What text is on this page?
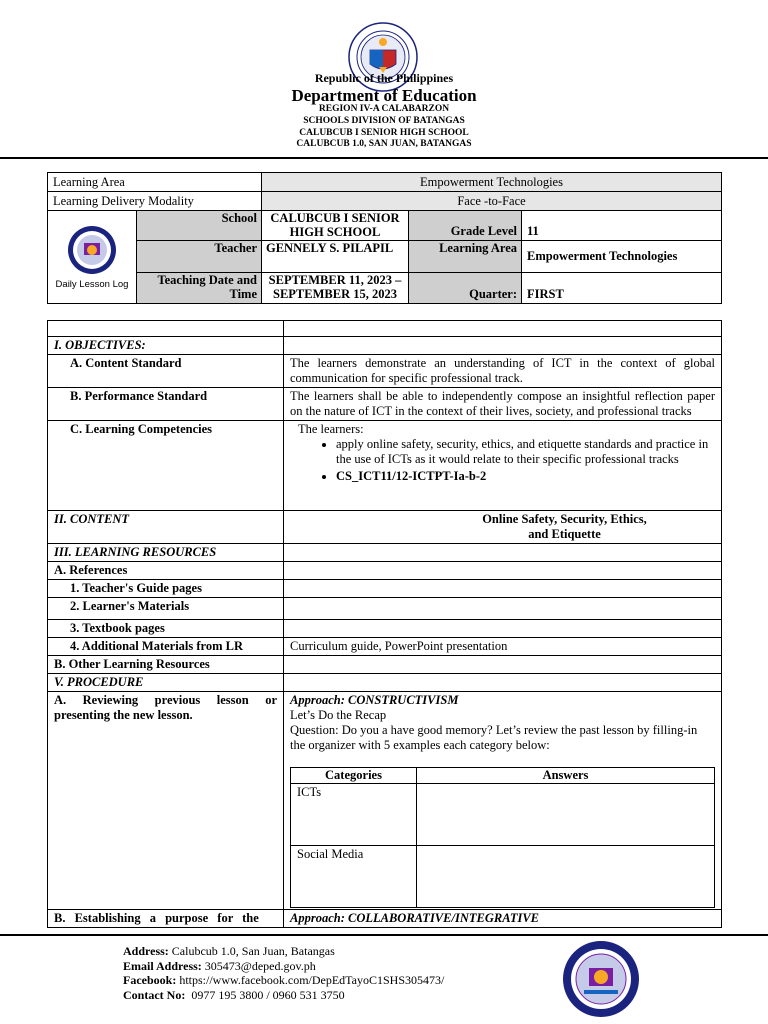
Republic of the Philippines
Department of Education
REGION IV-A CALABARZON
SCHOOLS DIVISION OF BATANGAS
CALUBCUB I SENIOR HIGH SCHOOL
CALUBCUB 1.0, SAN JUAN, BATANGAS
Learning Area	Empowerment Technologies
Learning Delivery Modality	Face -to-Face
Daily Lesson Log	School	CALUBCUB I SENIOR HIGH SCHOOL	Grade Level	11
	Teacher	GENNELY S. PILAPIL	Learning Area	Empowerment Technologies
	Teaching Date and Time	SEPTEMBER 11, 2023 – SEPTEMBER 15, 2023	Quarter:	FIRST

I. OBJECTIVES:	
A. Content Standard	The learners demonstrate an understanding of ICT in the context of global communication for specific professional track.
B. Performance Standard	The learners shall be able to independently compose an insightful reflection paper on the nature of ICT in the context of their lives, society, and professional tracks
C. Learning Competencies	The learners:
• apply online safety, security, ethics, and etiquette standards and practice in the use of ICTs as it would relate to their specific professional tracks
• CS_ICT11/12-ICTPT-Ia-b-2

II. CONTENT	Online Safety, Security, Ethics,
and Etiquette

III. LEARNING RESOURCES	
A. References	
1. Teacher's Guide pages	
2. Learner's Materials	
3. Textbook pages	
4. Additional Materials from LR	Curriculum guide, PowerPoint presentation
B. Other Learning Resources	
V. PROCEDURE	
A. Reviewing previous lesson or presenting the new lesson.	
Approach: CONSTRUCTIVISM
Let’s Do the Recap
Question: Do you a have good memory? Let’s review the past lesson by filling-in the organizer with 5 examples each category below:
Categories	Answers
ICTs	
Social Media	

B. Establishing a purpose for the	Approach: COLLABORATIVE/INTEGRATIVE
Address: Calubcub 1.0, San Juan, Batangas
Email Address: 305473@deped.gov.ph
Facebook: https://www.facebook.com/DepEdTayoC1SHS305473/
Contact No: 0977 195 3800 / 0960 531 3750
